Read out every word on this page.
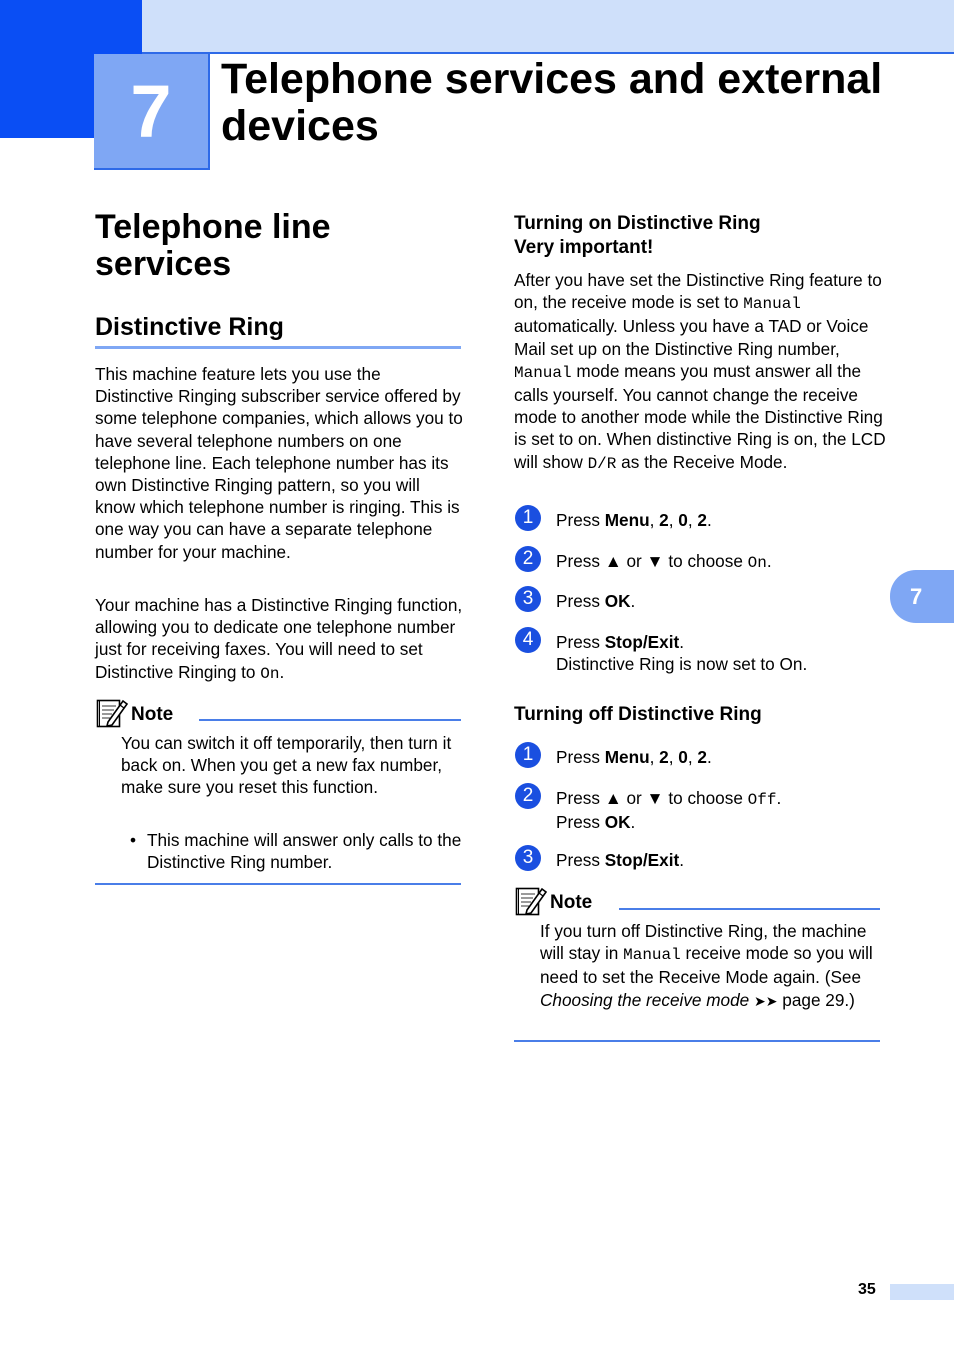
7	Telephone services and external devices
Telephone line services
Distinctive Ring

This machine feature lets you use the Distinctive Ringing subscriber service offered by some telephone companies, which allows you to have several telephone numbers on one telephone line. Each telephone number has its own Distinctive Ringing pattern, so you will know which telephone number is ringing. This is one way you can have a separate telephone number for your machine.

Your machine has a Distinctive Ringing function, allowing you to dedicate one telephone number just for receiving faxes. You will need to set Distinctive Ringing to On.

Note

You can switch it off temporarily, then turn it back on. When you get a new fax number, make sure you reset this function.

• This machine will answer only calls to the Distinctive Ring number.
Turning on Distinctive Ring
Very important!

After you have set the Distinctive Ring feature to on, the receive mode is set to Manual automatically. Unless you have a TAD or Voice Mail set up on the Distinctive Ring number, Manual mode means you must answer all the calls yourself. You cannot change the receive mode to another mode while the Distinctive Ring is set to on. When distinctive Ring is on, the LCD will show D/R as the Receive Mode.

1	Press Menu, 2, 0, 2.
2	Press ▲ or ▼ to choose On.
3	Press OK.
4	Press Stop/Exit.
Distinctive Ring is now set to On.
Turning off Distinctive Ring
1	Press Menu, 2, 0, 2.
2	Press ▲ or ▼ to choose Off.
Press OK.
3	Press Stop/Exit.
Note

If you turn off Distinctive Ring, the machine will stay in Manual receive mode so you will need to set the Receive Mode again. (See Choosing the receive mode ➤➤ page 29.)

7
35
